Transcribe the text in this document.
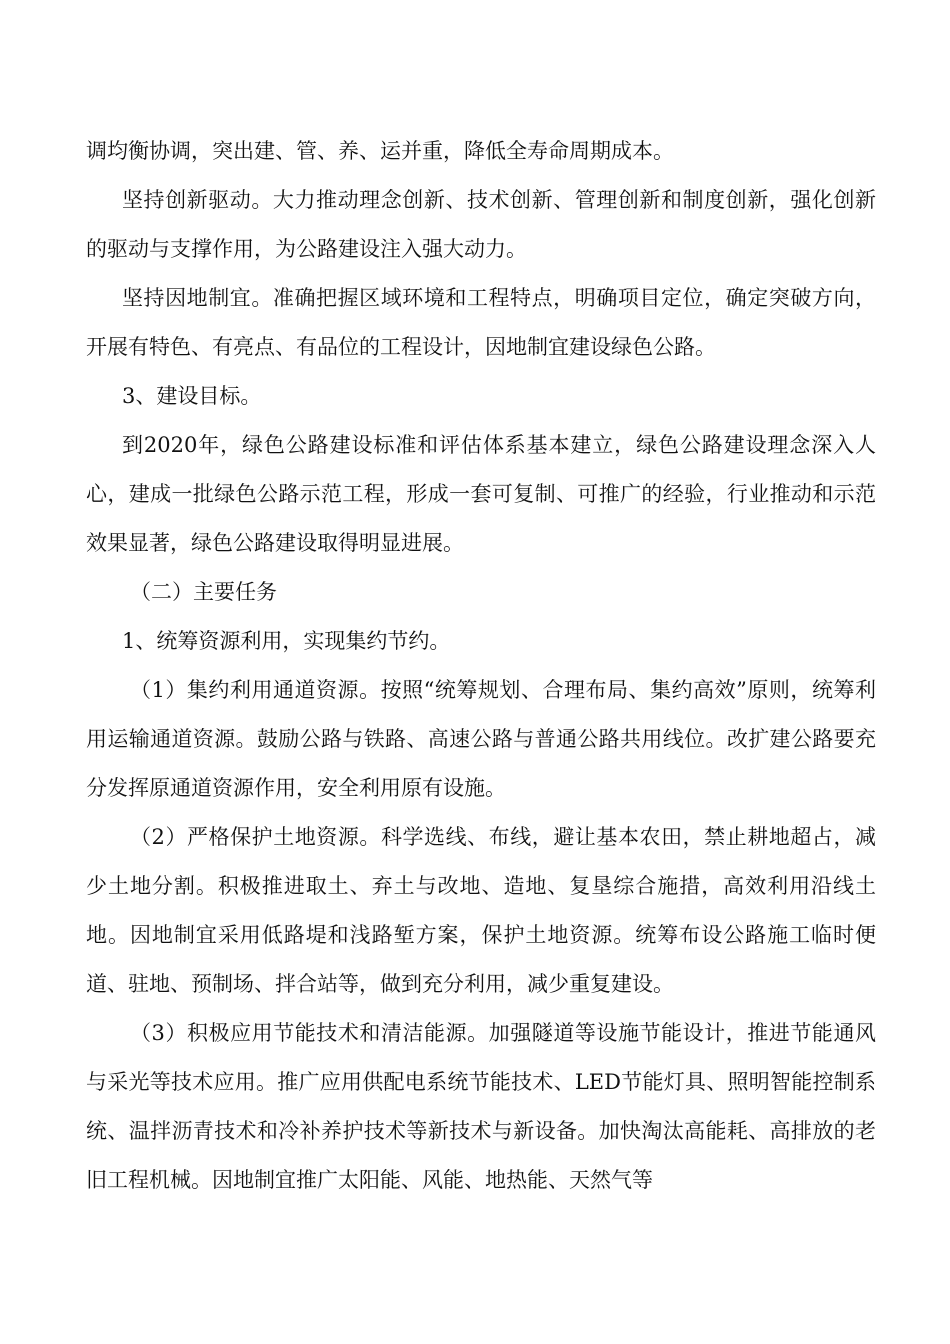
调均衡协调，突出建、管、养、运并重，降低全寿命周期成本。

坚持创新驱动。大力推动理念创新、技术创新、管理创新和制度创新，强化创新的驱动与支撑作用，为公路建设注入强大动力。

坚持因地制宜。准确把握区域环境和工程特点，明确项目定位，确定突破方向，开展有特色、有亮点、有品位的工程设计，因地制宜建设绿色公路。

3、建设目标。

到2020年，绿色公路建设标准和评估体系基本建立，绿色公路建设理念深入人心，建成一批绿色公路示范工程，形成一套可复制、可推广的经验，行业推动和示范效果显著，绿色公路建设取得明显进展。

（二）主要任务

1、统筹资源利用，实现集约节约。

（1）集约利用通道资源。按照“统筹规划、合理布局、集约高效”原则，统筹利用运输通道资源。鼓励公路与铁路、高速公路与普通公路共用线位。改扩建公路要充分发挥原通道资源作用，安全利用原有设施。

（2）严格保护土地资源。科学选线、布线，避让基本农田，禁止耕地超占，减少土地分割。积极推进取土、弃土与改地、造地、复垦综合施措，高效利用沿线土地。因地制宜采用低路堤和浅路堑方案，保护土地资源。统筹布设公路施工临时便道、驻地、预制场、拌合站等，做到充分利用，减少重复建设。

（3）积极应用节能技术和清洁能源。加强隧道等设施节能设计，推进节能通风与采光等技术应用。推广应用供配电系统节能技术、LED节能灯具、照明智能控制系统、温拌沥青技术和冷补养护技术等新技术与新设备。加快淘汰高能耗、高排放的老旧工程机械。因地制宜推广太阳能、风能、地热能、天然气等
